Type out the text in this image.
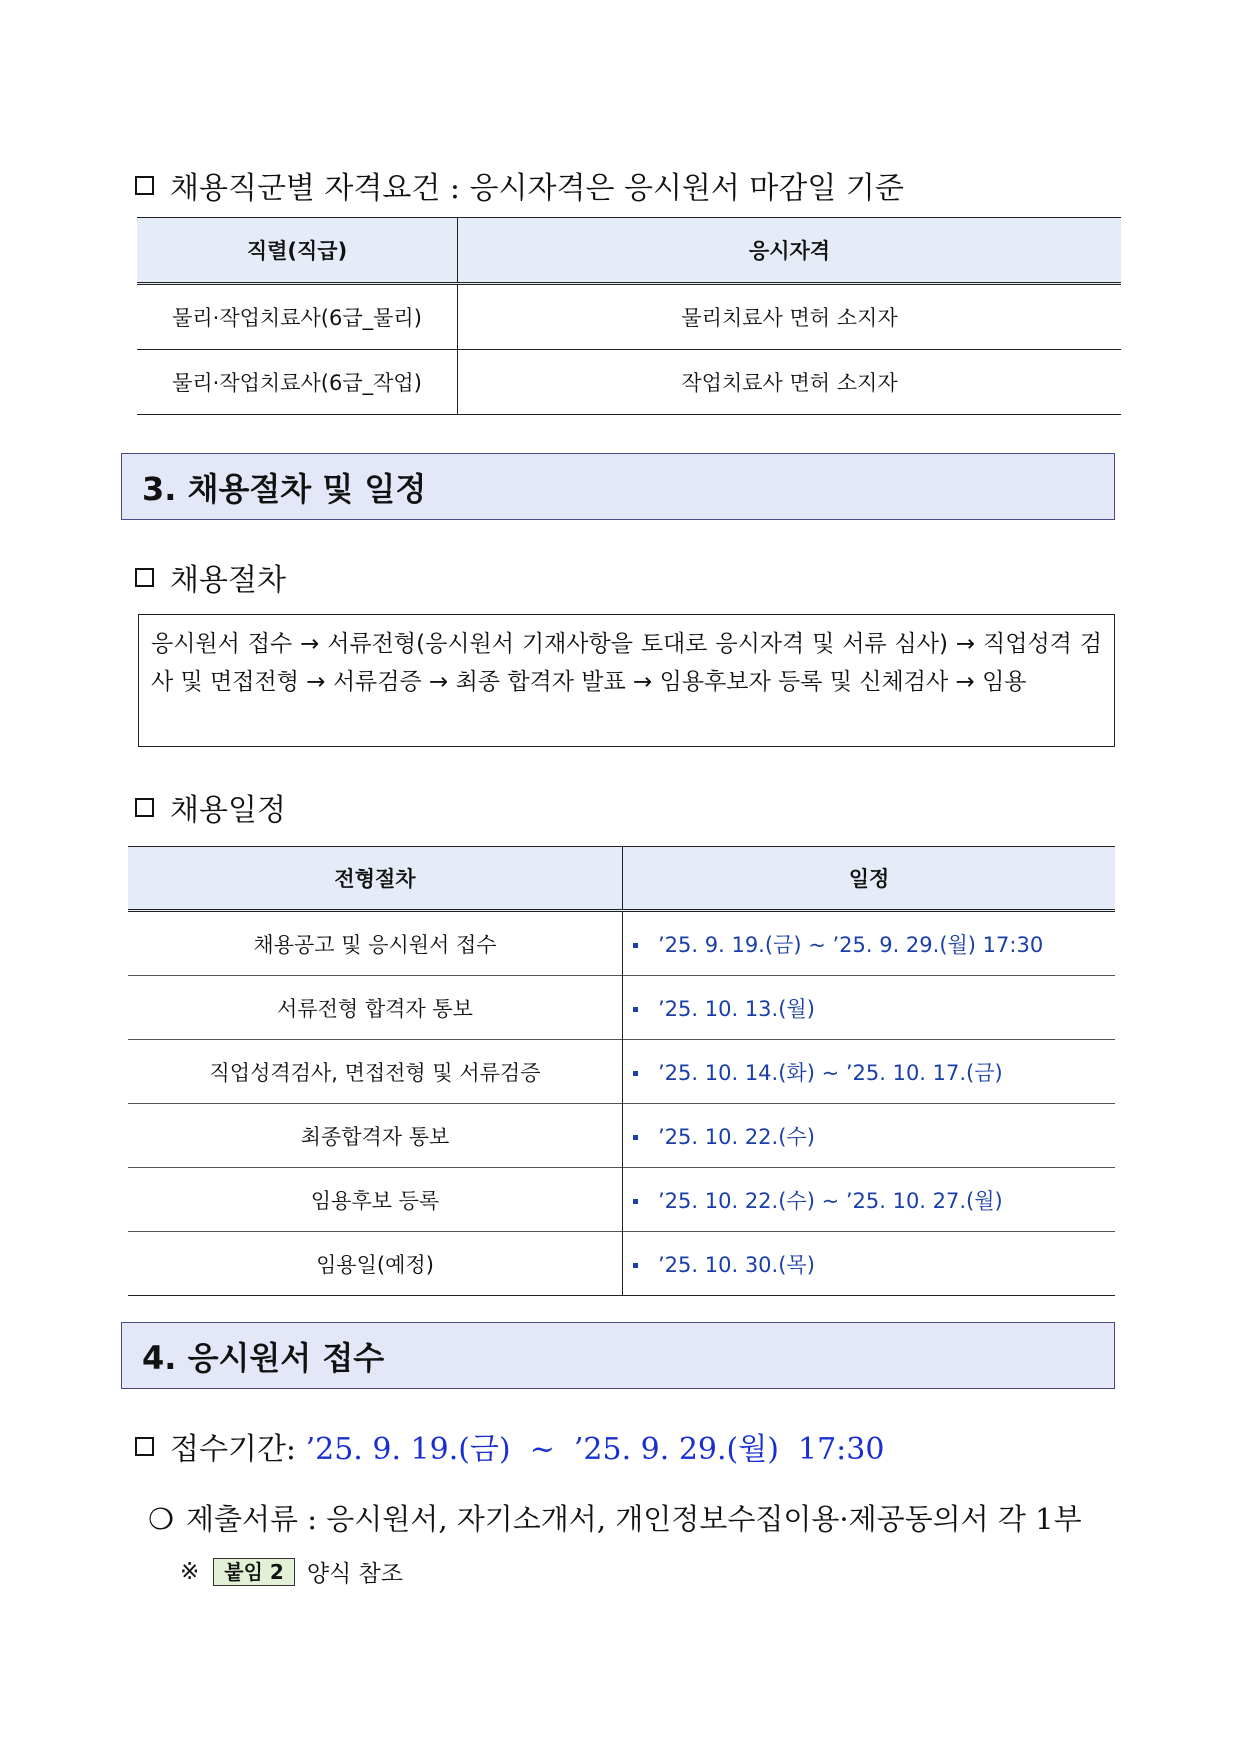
채용직군별 자격요건 : 응시자격은 응시원서 마감일 기준
직렬(직급)	응시자격
물리·작업치료사(6급_물리)	물리치료사 면허 소지자
물리·작업치료사(6급_작업)	작업치료사 면허 소지자
3. 채용절차 및 일정
채용절차
응시원서 접수 → 서류전형(응시원서 기재사항을 토대로 응시자격 및 서류 심사) → 직업성격 검사 및 면접전형 → 서류검증 → 최종 합격자 발표 → 임용후보자 등록 및 신체검사 → 임용
채용일정
전형절차	일정
채용공고 및 응시원서 접수	’25. 9. 19.(금) ~ ’25. 9. 29.(월) 17:30
서류전형 합격자 통보	’25. 10. 13.(월)
직업성격검사, 면접전형 및 서류검증	’25. 10. 14.(화) ~ ’25. 10. 17.(금)
최종합격자 통보	’25. 10. 22.(수)
임용후보 등록	’25. 10. 22.(수) ~ ’25. 10. 27.(월)
임용일(예정)	’25. 10. 30.(목)
4. 응시원서 접수
접수기간: ’25. 9. 19.(금)  ~  ’25. 9. 29.(월)  17:30
❍ 제출서류 : 응시원서, 자기소개서, 개인정보수집이용·제공동의서 각 1부
※	붙임 2	양식 참조
